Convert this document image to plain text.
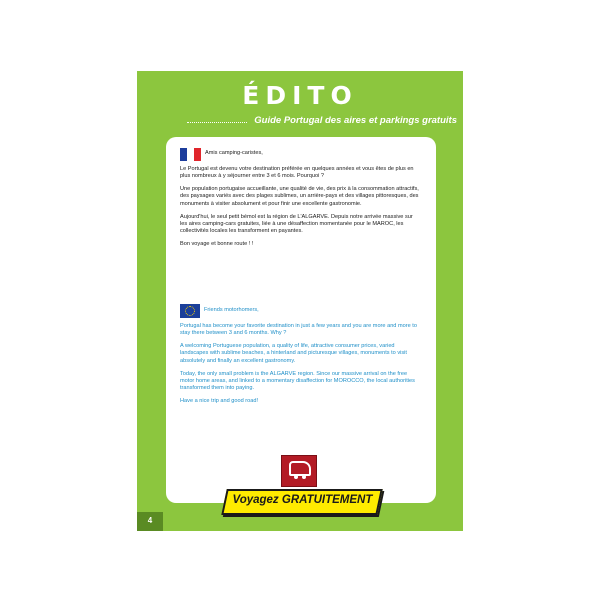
ÉDITO
Guide Portugal des aires et parkings gratuits
Amis camping-caristes,

Le Portugal est devenu votre destination préférée en quelques années et vous êtes de plus en plus nombreux à y séjourner entre 3 et 6 mois. Pourquoi ?

Une population portugaise accueillante, une qualité de vie, des prix à la consommation attractifs, des paysages variés avec des plages sublimes, un arrière-pays et des villages pittoresques, des monuments à visiter absolument et pour finir une excellente gastronomie.

Aujourd'hui, le seul petit bémol est la région de L'ALGARVE. Depuis notre arrivée massive sur les aires camping-cars gratuites, liée à une désaffection momentanée pour le MAROC, les collectivités locales les transforment en payantes.

Bon voyage et bonne route ! !

Friends motorhomers,

Portugal has become your favorite destination in just a few years and you are more and more to stay there between 3 and 6 months. Why ?

A welcoming Portuguese population, a quality of life, attractive consumer prices, varied landscapes with sublime beaches, a hinterland and picturesque villages, monuments to visit absolutely and finally an excellent gastronomy.

Today, the only small problem is the ALGARVE region. Since our massive arrival on the free motor home areas, and linked to a momentary disaffection for MOROCCO, the local authorities transformed them into paying.

Have a nice trip and good road!

4
Voyagez GRATUITEMENT
